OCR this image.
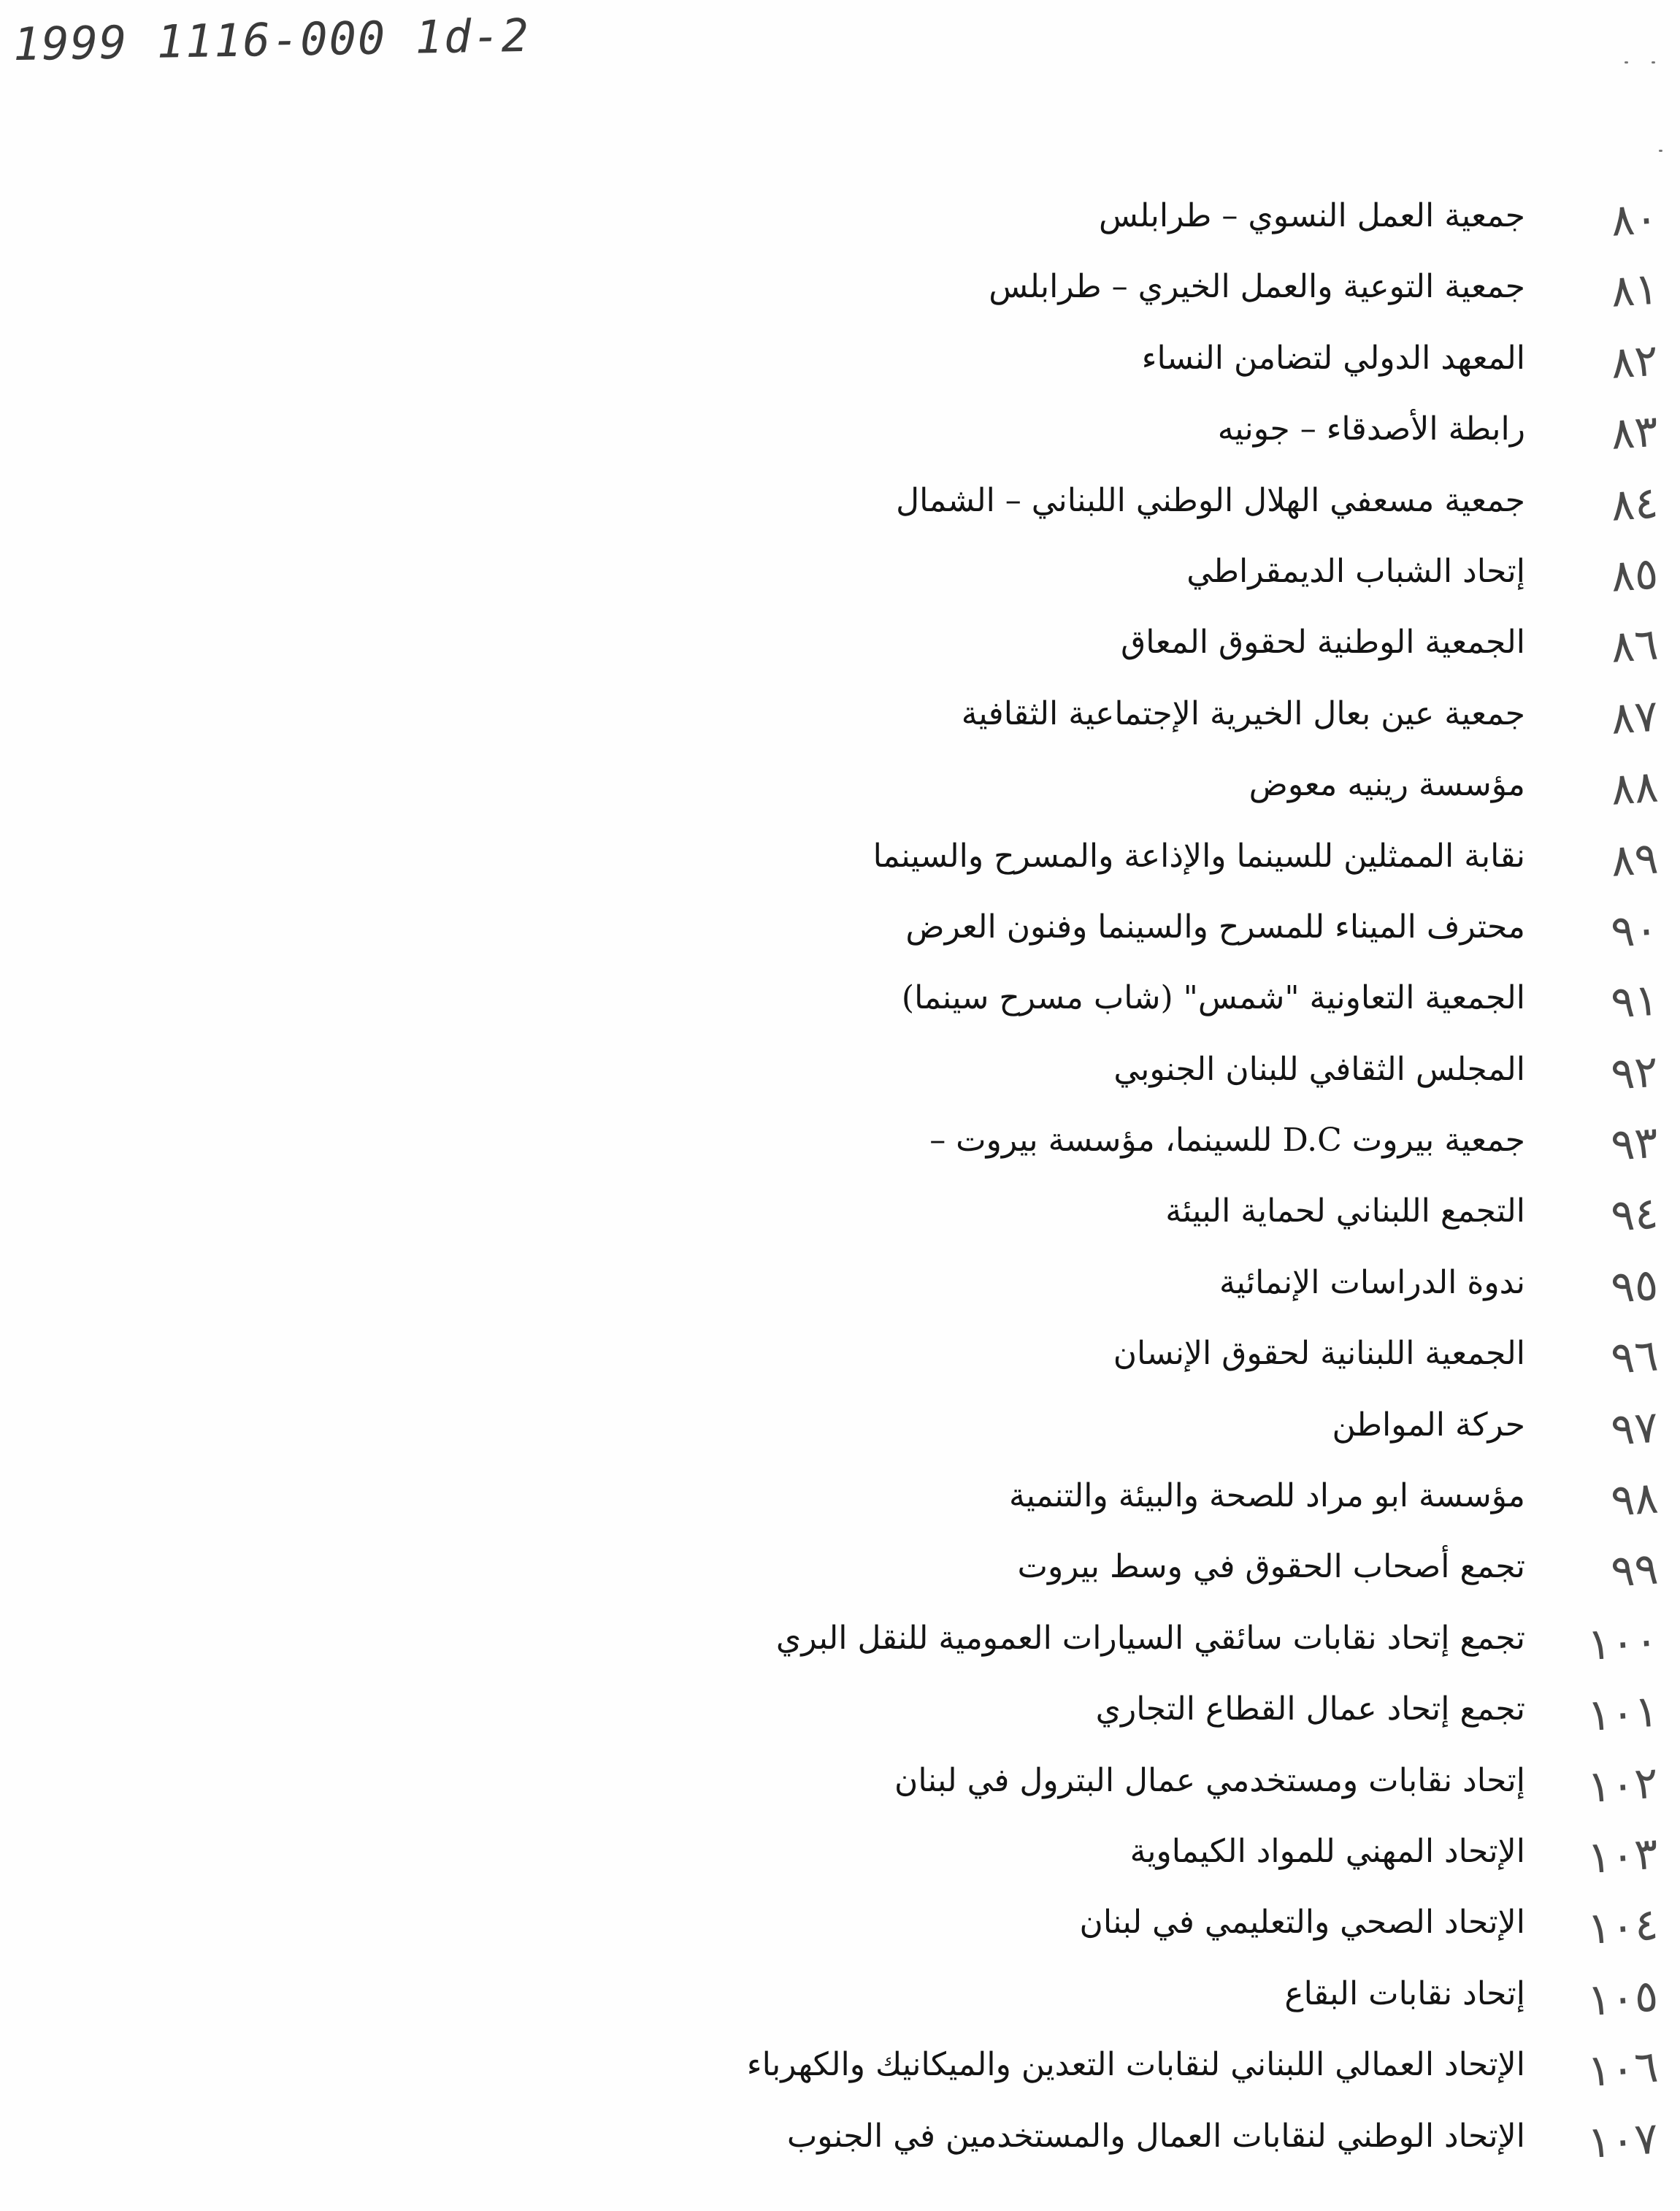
1999 1116-000 1d-2
٨٠
جمعية العمل النسوي – طرابلس
٨١
جمعية التوعية والعمل الخيري – طرابلس
٨٢
المعهد الدولي لتضامن النساء
٨٣
رابطة الأصدقاء – جونيه
٨٤
جمعية مسعفي الهلال الوطني اللبناني – الشمال
٨٥
إتحاد الشباب الديمقراطي
٨٦
الجمعية الوطنية لحقوق المعاق
٨٧
جمعية عين بعال الخيرية الإجتماعية الثقافية
٨٨
مؤسسة رينيه معوض
٨٩
نقابة الممثلين للسينما والإذاعة والمسرح والسينما
٩٠
محترف الميناء للمسرح والسينما وفنون العرض
٩١
الجمعية التعاونية "شمس" (شاب مسرح سينما)
٩٢
المجلس الثقافي للبنان الجنوبي
٩٣
جمعية بيروت D.C للسينما، مؤسسة بيروت –
٩٤
التجمع اللبناني لحماية البيئة
٩٥
ندوة الدراسات الإنمائية
٩٦
الجمعية اللبنانية لحقوق الإنسان
٩٧
حركة المواطن
٩٨
مؤسسة ابو مراد للصحة والبيئة والتنمية
٩٩
تجمع أصحاب الحقوق في وسط بيروت
١٠٠
تجمع إتحاد نقابات سائقي السيارات العمومية للنقل البري
١٠١
تجمع إتحاد عمال القطاع التجاري
١٠٢
إتحاد نقابات ومستخدمي عمال البترول في لبنان
١٠٣
الإتحاد المهني للمواد الكيماوية
١٠٤
الإتحاد الصحي والتعليمي في لبنان
١٠٥
إتحاد نقابات البقاع
١٠٦
الإتحاد العمالي اللبناني لنقابات التعدين والميكانيك والكهرباء
١٠٧
الإتحاد الوطني لنقابات العمال والمستخدمين في الجنوب
